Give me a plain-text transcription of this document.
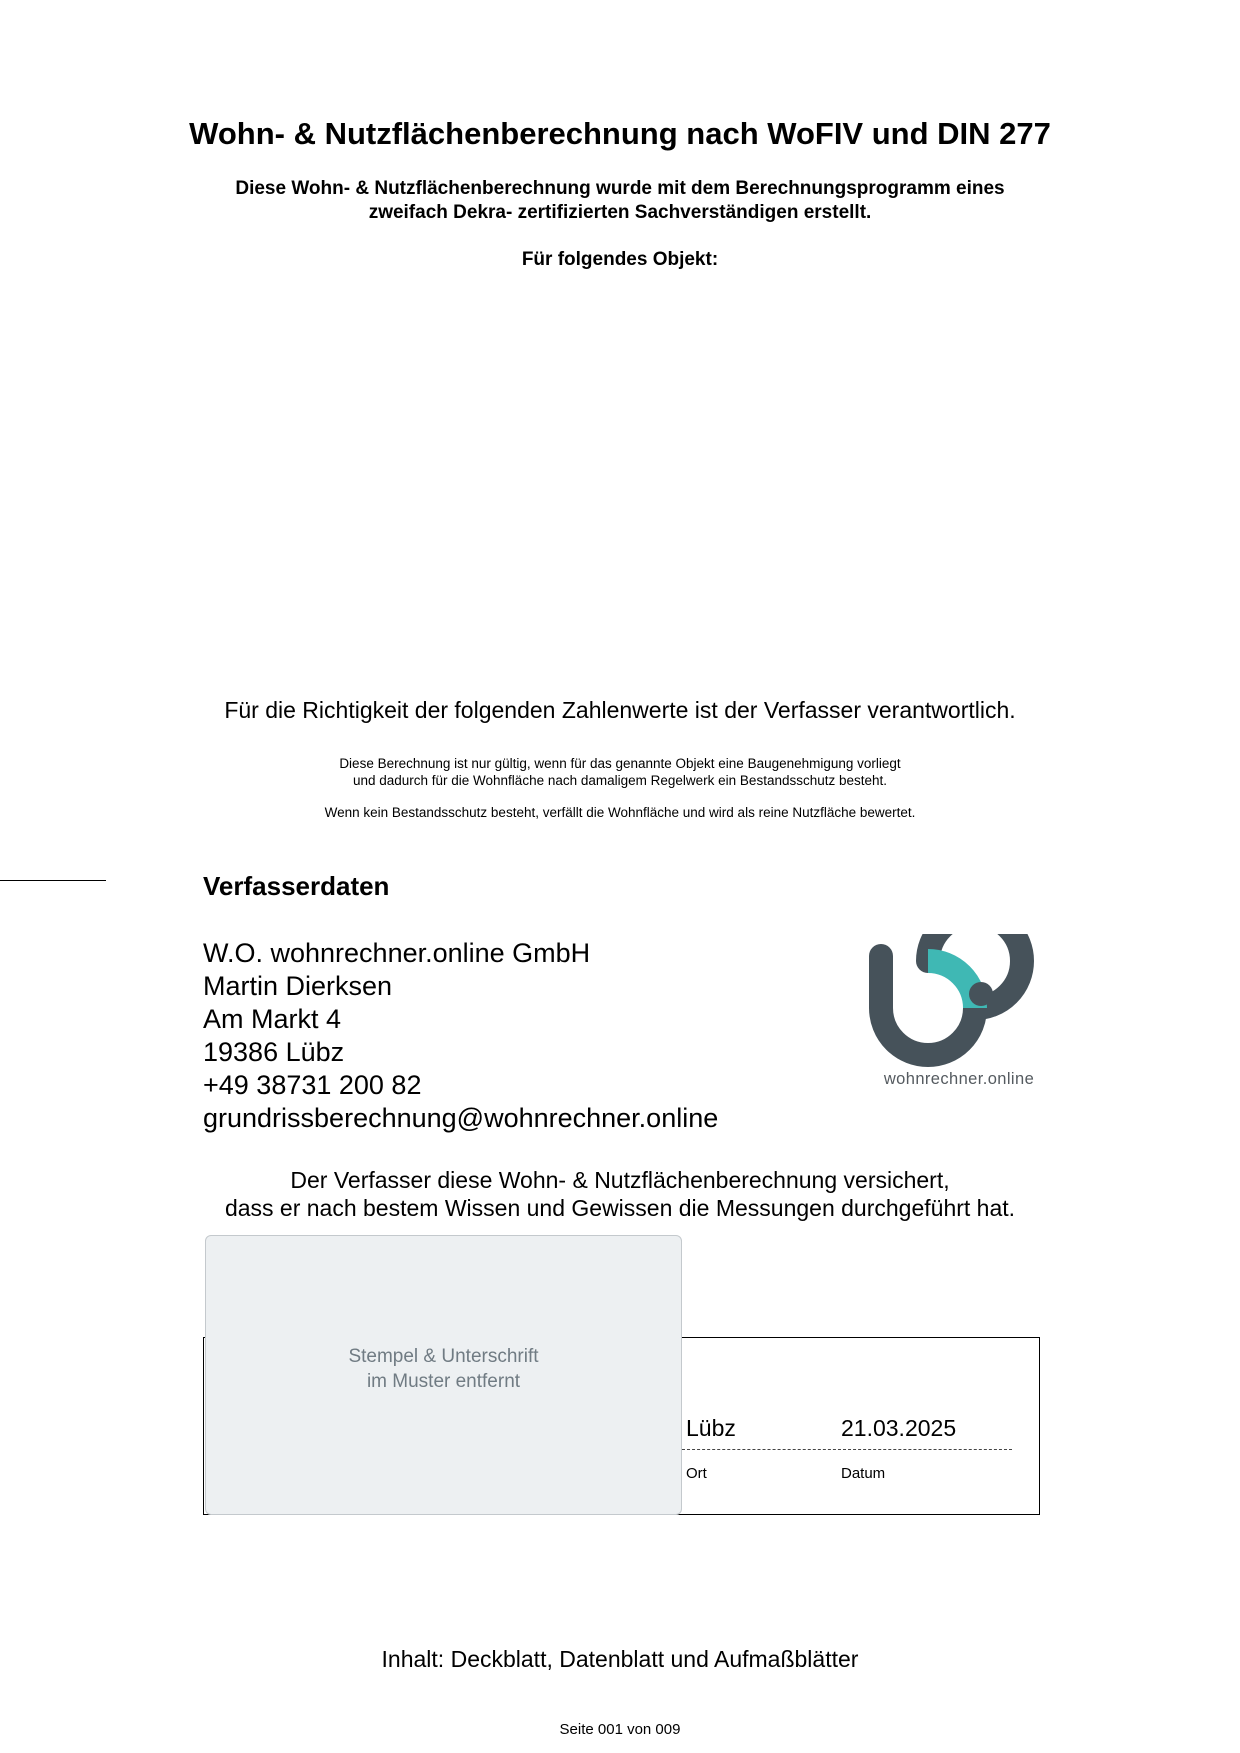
Wohn- & Nutzflächenberechnung nach WoFIV und DIN 277
Diese Wohn- & Nutzflächenberechnung wurde mit dem Berechnungsprogramm eines
zweifach Dekra- zertifizierten Sachverständigen erstellt.
Für folgendes Objekt:
Für die Richtigkeit der folgenden Zahlenwerte ist der Verfasser verantwortlich.
Diese Berechnung ist nur gültig, wenn für das genannte Objekt eine Baugenehmigung vorliegt
und dadurch für die Wohnfläche nach damaligem Regelwerk ein Bestandsschutz besteht.
Wenn kein Bestandsschutz besteht, verfällt die Wohnfläche und wird als reine Nutzfläche bewertet.
Verfasserdaten
W.O. wohnrechner.online GmbH
Martin Dierksen
Am Markt 4
19386 Lübz
+49 38731 200 82
grundrissberechnung@wohnrechner.online
wohnrechner.online
Der Verfasser diese Wohn- & Nutzflächenberechnung versichert,
dass er nach bestem Wissen und Gewissen die Messungen durchgeführt hat.
Stempel & Unterschrift
im Muster entfernt
Lübz	21.03.2025
Ort	Datum
Inhalt: Deckblatt, Datenblatt und Aufmaßblätter
Seite 001 von 009
